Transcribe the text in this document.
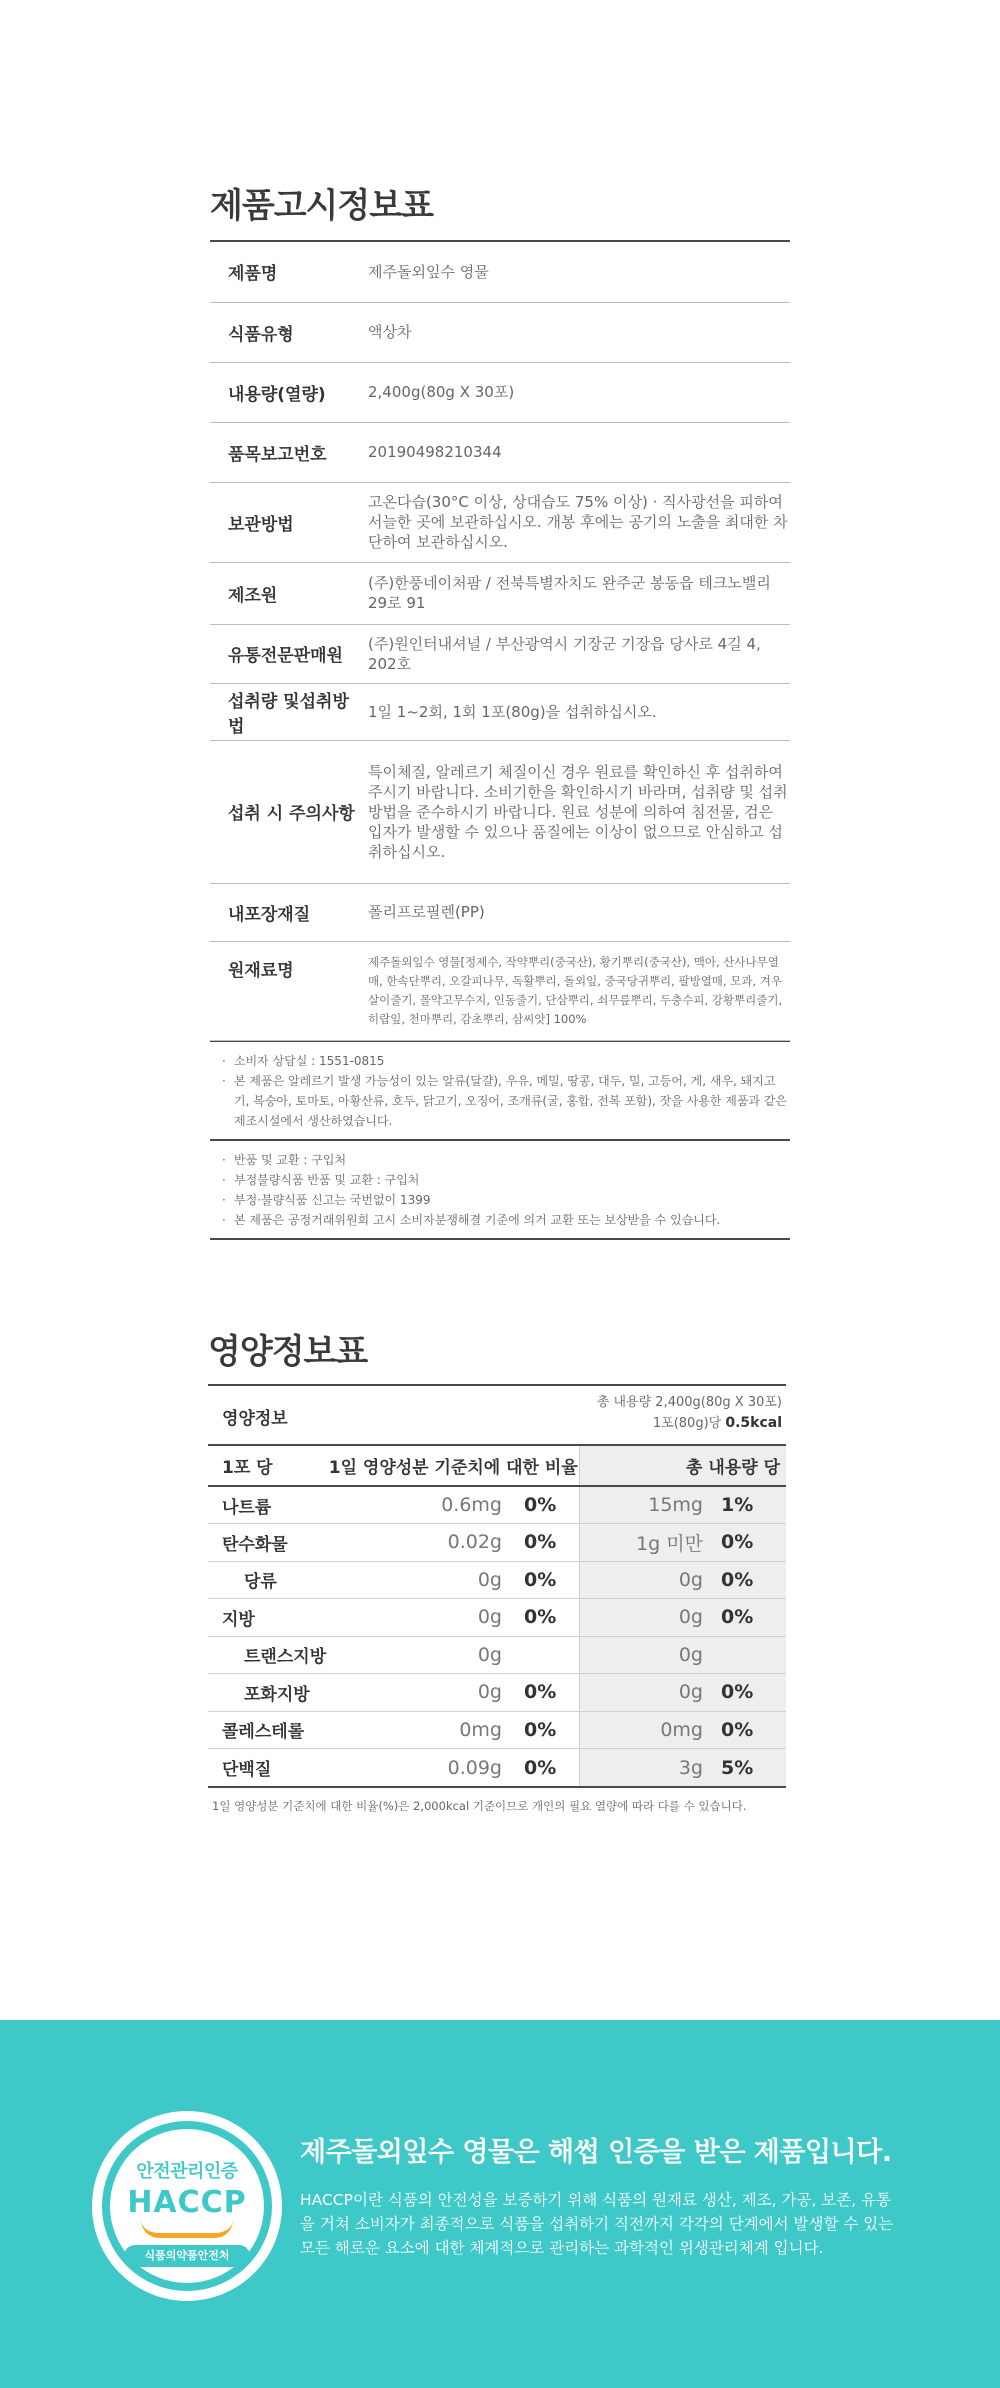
제품고시정보표
제품명	제주돌외잎수 영물
식품유형	액상차
내용량(열량)	2,400g(80g X 30포)
품목보고번호	20190498210344
보관방법	고온다습(30°C 이상, 상대습도 75% 이상) · 직사광선을 피하여 서늘한 곳에 보관하십시오. 개봉 후에는 공기의 노출을 최대한 차단하여 보관하십시오.
제조원	(주)한풍네이처팜 / 전북특별자치도 완주군 봉동읍 테크노밸리 29로 91
유통전문판매원	(주)원인터내셔널 / 부산광역시 기장군 기장읍 당사로 4길 4, 202호
섭취량 및섭취방법	1일 1~2회, 1회 1포(80g)을 섭취하십시오.
섭취 시 주의사항	특이체질, 알레르기 체질이신 경우 원료를 확인하신 후 섭취하여 주시기 바랍니다. 소비기한을 확인하시기 바라며, 섭취량 및 섭취방법을 준수하시기 바랍니다. 원료 성분에 의하여 침전물, 검은 입자가 발생할 수 있으나 품질에는 이상이 없으므로 안심하고 섭취하십시오.
내포장재질	폴리프로필렌(PP)
원재료명	제주돌외잎수 영물[정제수, 작약뿌리(중국산), 황기뿌리(중국산), 맥아, 산사나무열매, 한속단뿌리, 오갈피나무, 독활뿌리, 돌외잎, 중국당귀뿌리, 팔방열매, 모과, 겨우살이줄기, 몰약고무수지, 인동줄기, 단삼뿌리, 쇠무릎뿌리, 두충수피, 강황뿌리줄기, 히랍잎, 천마뿌리, 감초뿌리, 삼씨앗] 100%
· 소비자 상담실 : 1551-0815
· 본 제품은 알레르기 발생 가능성이 있는 알류(달걀), 우유, 메밀, 땅콩, 대두, 밀, 고등어, 게, 새우, 돼지고기, 복숭아, 토마토, 아황산류, 호두, 닭고기, 오징어, 조개류(굴, 홍합, 전복 포함), 잣을 사용한 제품과 같은 제조시설에서 생산하였습니다.
· 반품 및 교환 : 구입처
· 부정불량식품 반품 및 교환 : 구입처
· 부정·불량식품 신고는 국번없이 1399
· 본 제품은 공정거래위원회 고시 소비자분쟁해결 기준에 의거 교환 또는 보상받을 수 있습니다.
영양정보표
영양정보
총 내용량 2,400g(80g X 30포)
1포(80g)당 0.5kcal
1포 당	1일 영양성분 기준치에 대한 비율		총 내용량 당	
나트륨	0.6mg	0%	15mg	1%
탄수화물	0.02g	0%	1g 미만	0%
당류	0g	0%	0g	0%
지방	0g	0%	0g	0%
트랜스지방	0g		0g	
포화지방	0g	0%	0g	0%
콜레스테롤	0mg	0%	0mg	0%
단백질	0.09g	0%	3g	5%

1일 영양성분 기준치에 대한 비율(%)은 2,000kcal 기준이므로 개인의 필요 열량에 따라 다를 수 있습니다.

안전관리인증
HACCP
식품의약품안전처
제주돌외잎수 영물은 해썹 인증을 받은 제품입니다.

HACCP이란 식품의 안전성을 보증하기 위해 식품의 원재료 생산, 제조, 가공, 보존, 유통을 거쳐 소비자가 최종적으로 식품을 섭취하기 직전까지 각각의 단계에서 발생할 수 있는 모든 해로운 요소에 대한 체계적으로 관리하는 과학적인 위생관리체계 입니다.
